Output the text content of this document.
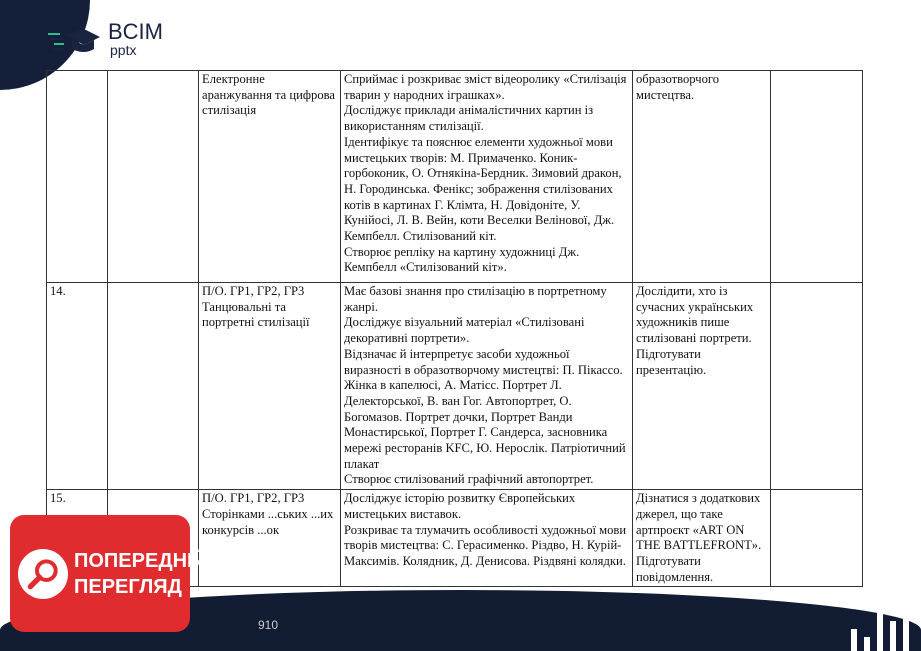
BCIM
pptx
		Електронне аранжування та цифрова стилізація	Сприймає і розкриває зміст відеоролику «Стилізація тварин у народних іграшках».
Досліджує приклади анімалістичних картин із використанням стилізації.
Ідентифікує та пояснює елементи художньої мови мистецьких творів: М. Примаченко. Коник-горбоконик, О. Отнякіна-Бердник. Зимовий дракон, Н. Городинська. Фенікс; зображення стилізованих котів в картинах Г. Клімта, Н. Довідоніте, У. Кунійосі, Л. В. Вейн, коти Веселки Велінової, Дж. Кемпбелл. Стилізований кіт.
Створює репліку на картину художниці Дж. Кемпбелл «Стилізований кіт».	образотворчого мистецтва.	
14.		П/О. ГР1, ГР2, ГР3 Танцювальні та портретні стилізації	Має базові знання про стилізацію в портретному жанрі.
Досліджує візуальний матеріал «Стилізовані декоративні портрети».
Відзначає й інтерпретує засоби художньої виразності в образотворчому мистецтві: П. Пікассо. Жінка в капелюсі, А. Матісс. Портрет Л. Делекторської, В. ван Гог. Автопортрет, О. Богомазов. Портрет дочки, Портрет Ванди Монастирської, Портрет Г. Сандерса, засновника мережі ресторанів KFC, Ю. Нерослік. Патріотичний плакат
Створює стилізований графічний автопортрет.	Дослідити, хто із сучасних українських художників пише стилізовані портрети. Підготувати презентацію.	
15.		П/О. ГР1, ГР2, ГР3 Сторінками ...ських ...их конкурсів ...ок	Досліджує історію розвитку Європейських мистецьких виставок.
Розкриває та тлумачить особливості художньої мови творів мистецтва: С. Герасименко. Різдво, Н. Курій-Максимів. Колядник, Д. Денисова. Різдвяні колядки.	Дізнатися з додаткових джерел, що таке артпроєкт «ART ON THE BATTLEFRONT». Підготувати повідомлення.	
910
ПОПЕРЕДНІЙ
ПЕРЕГЛЯД
